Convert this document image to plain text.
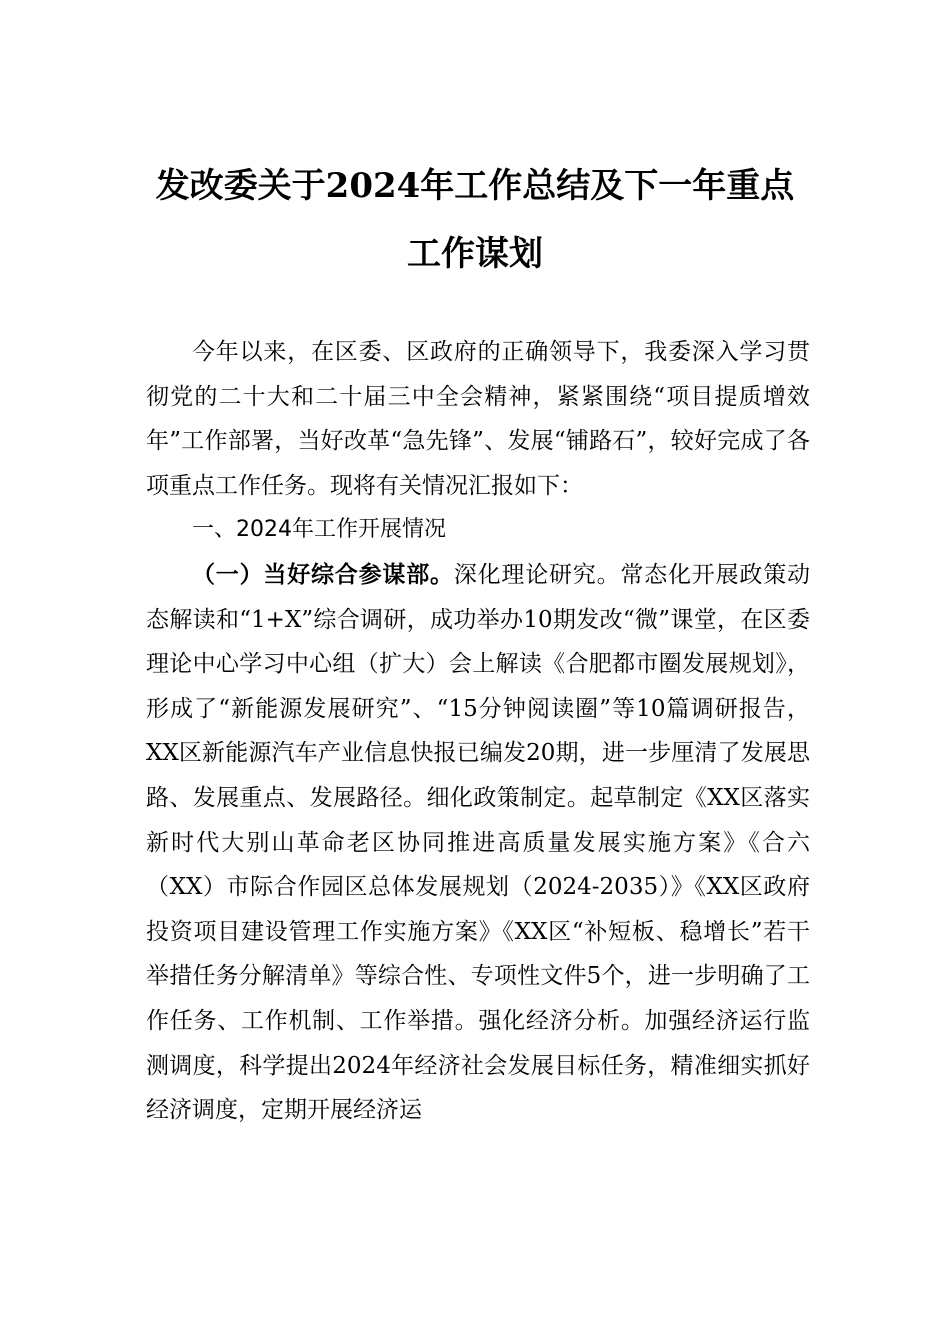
发改委关于2024年工作总结及下一年重点
工作谋划

今年以来，在区委、区政府的正确领导下，我委深入学习贯彻党的二十大和二十届三中全会精神，紧紧围绕“项目提质增效年”工作部署，当好改革“急先锋”、发展“铺路石”，较好完成了各项重点工作任务。现将有关情况汇报如下：

一、2024年工作开展情况

（一）当好综合参谋部。深化理论研究。常态化开展政策动态解读和“1+X”综合调研，成功举办10期发改“微”课堂，在区委理论中心学习中心组（扩大）会上解读《合肥都市圈发展规划》，形成了“新能源发展研究”、“15分钟阅读圈”等10篇调研报告，XX区新能源汽车产业信息快报已编发20期，进一步厘清了发展思路、发展重点、发展路径。细化政策制定。起草制定《XX区落实新时代大别山革命老区协同推进高质量发展实施方案》《合六（XX）市际合作园区总体发展规划（2024-2035）》《XX区政府投资项目建设管理工作实施方案》《XX区“补短板、稳增长”若干举措任务分解清单》等综合性、专项性文件5个，进一步明确了工作任务、工作机制、工作举措。强化经济分析。加强经济运行监测调度，科学提出2024年经济社会发展目标任务，精准细实抓好经济调度，定期开展经济运
